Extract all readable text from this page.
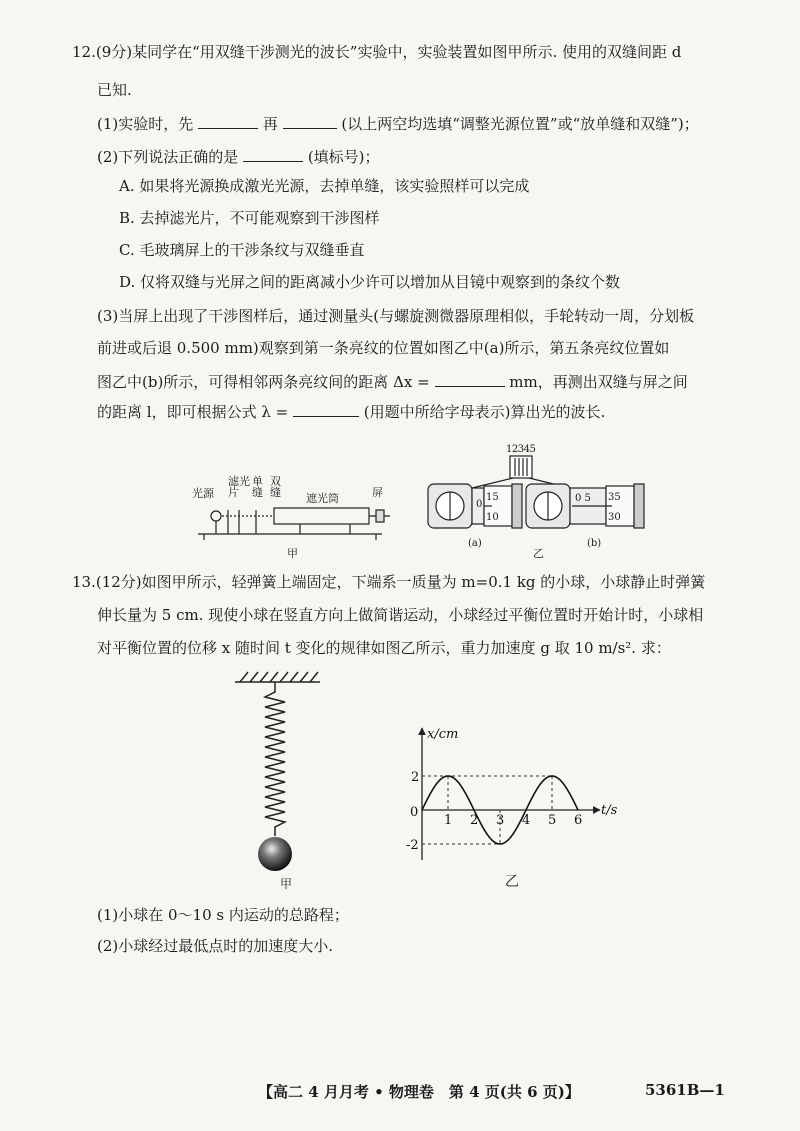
12.(9分)某同学在“用双缝干涉测光的波长”实验中，实验装置如图甲所示. 使用的双缝间距 d
已知.
(1)实验时，先	再	(以上两空均选填“调整光源位置”或“放单缝和双缝”)；
(2)下列说法正确的是	(填标号)；
A. 如果将光源换成激光光源，去掉单缝，该实验照样可以完成
B. 去掉滤光片，不可能观察到干涉图样
C. 毛玻璃屏上的干涉条纹与双缝垂直
D. 仅将双缝与光屏之间的距离减小少许可以增加从目镜中观察到的条纹个数
(3)当屏上出现了干涉图样后，通过测量头(与螺旋测微器原理相似，手轮转动一周，分划板
前进或后退 0.500 mm)观察到第一条亮纹的位置如图乙中(a)所示，第五条亮纹位置如
图乙中(b)所示，可得相邻两条亮纹间的距离 Δx =	mm，再测出双缝与屏之间
的距离 l，即可根据公式 λ =	(用题中所给字母表示)算出光的波长.
光源
滤光片
单缝
双缝 遮光筒	屏
甲
12345
0
15
10
0 5 35
30
(a)	(b)
乙
13.(12分)如图甲所示，轻弹簧上端固定，下端系一质量为 m=0.1 kg 的小球，小球静止时弹簧
伸长量为 5 cm. 现使小球在竖直方向上做简谐运动，小球经过平衡位置时开始计时，小球相
对平衡位置的位移 x 随时间 t 变化的规律如图乙所示，重力加速度 g 取 10 m/s². 求：
甲
1 2 3 4 5 6
2
-2
0
x/cm
t/s
乙
(1)小球在 0～10 s 内运动的总路程；
(2)小球经过最低点时的加速度大小.
【高二 4 月月考 • 物理卷　第 4 页(共 6 页)】	5361B—1
